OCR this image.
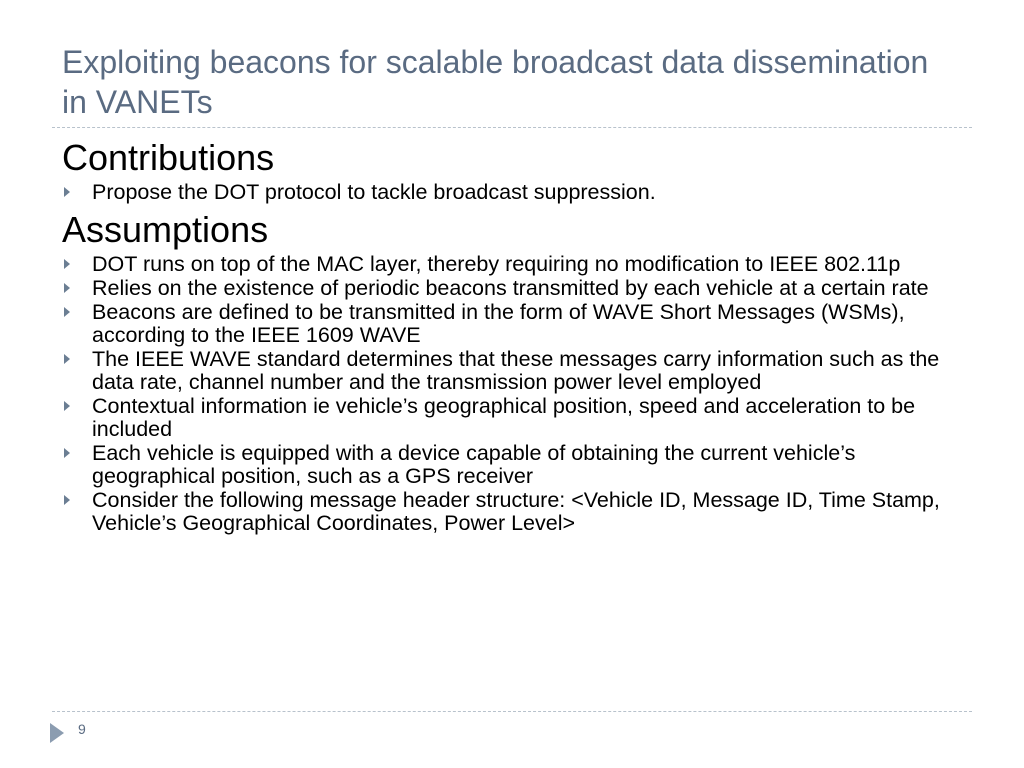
Exploiting beacons for scalable broadcast data dissemination in VANETs
Contributions
Propose the DOT protocol to tackle broadcast suppression.
Assumptions
DOT runs on top of the MAC layer, thereby requiring no modification to IEEE 802.11p
Relies on the existence of periodic beacons transmitted by each vehicle at a certain rate
Beacons are defined to be transmitted in the form of WAVE Short Messages (WSMs), according to the IEEE 1609 WAVE
The IEEE WAVE standard determines that these messages carry information such as the data rate, channel number and the transmission power level employed
Contextual information ie vehicle’s geographical position, speed and acceleration to be included
Each vehicle is equipped with a device capable of obtaining the current vehicle’s geographical position, such as a GPS receiver
Consider the following message header structure: <Vehicle ID, Message ID, Time Stamp, Vehicle’s Geographical Coordinates, Power Level>
9
